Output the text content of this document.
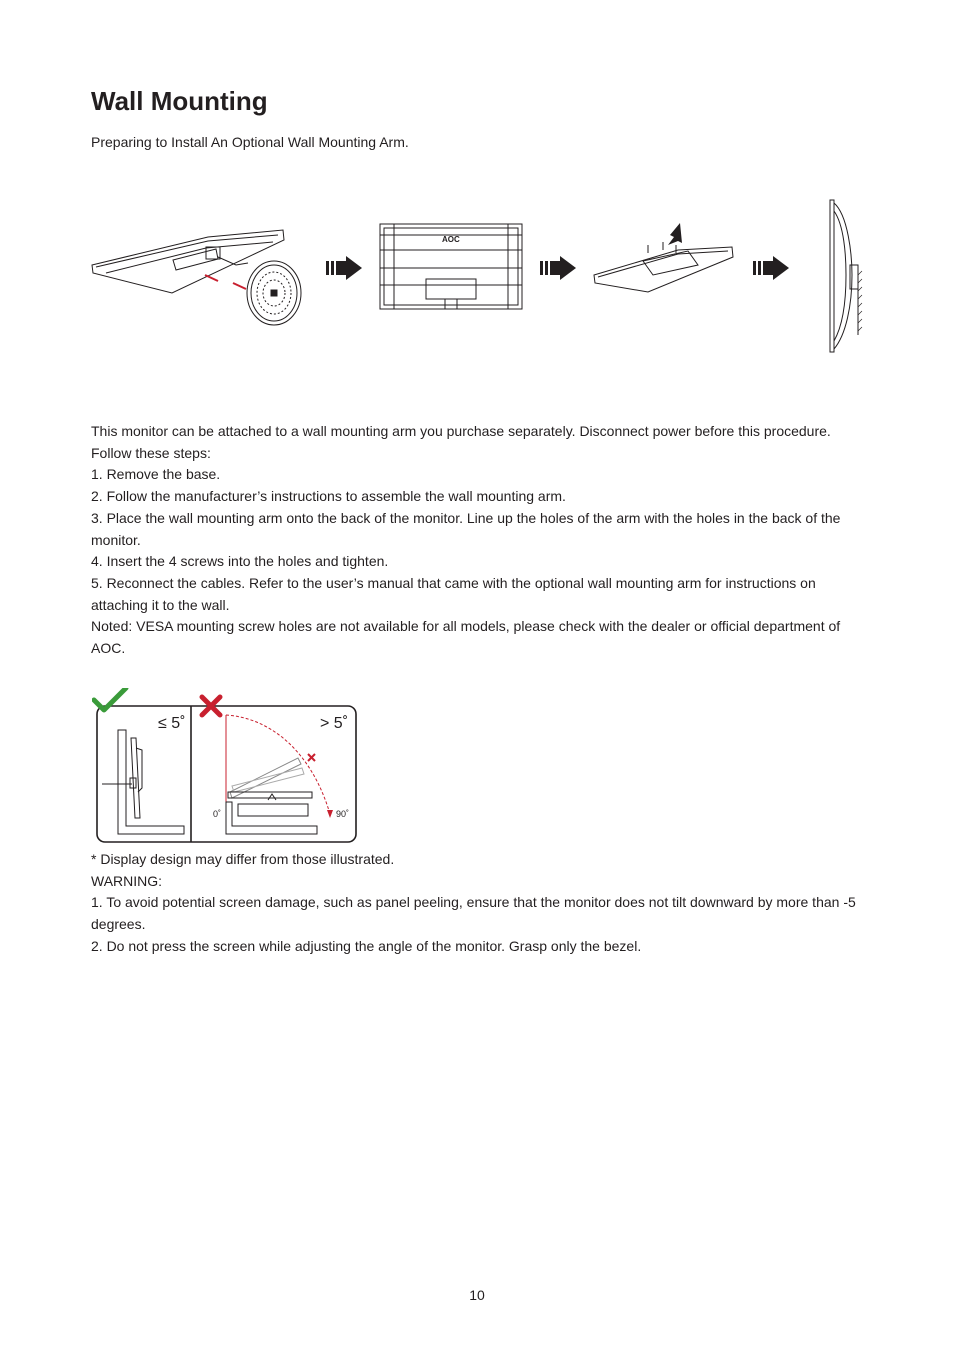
Wall Mounting

Preparing to Install An Optional Wall Mounting Arm.

AOC

This monitor can be attached to a wall mounting arm you purchase separately. Disconnect power before this procedure.

Follow these steps:

1. Remove the base.

2. Follow the manufacturer’s instructions to assemble the wall mounting arm.

3. Place the wall mounting arm onto the back of the monitor. Line up the holes of the arm with the holes in the back of the monitor.

4. Insert the 4 screws into the holes and tighten.

5. Reconnect the cables. Refer to the user’s manual that came with the optional wall mounting arm for instructions on attaching it to the wall.

Noted: VESA mounting screw holes are not available for all models, please check with the dealer or official department of AOC.

≤ 5˚	> 5˚
0˚	90˚

* Display design may differ from those illustrated.

WARNING:

1. To avoid potential screen damage, such as panel peeling, ensure that the monitor does not tilt downward by more than -5 degrees.

2. Do not press the screen while adjusting the angle of the monitor. Grasp only the bezel.

10
